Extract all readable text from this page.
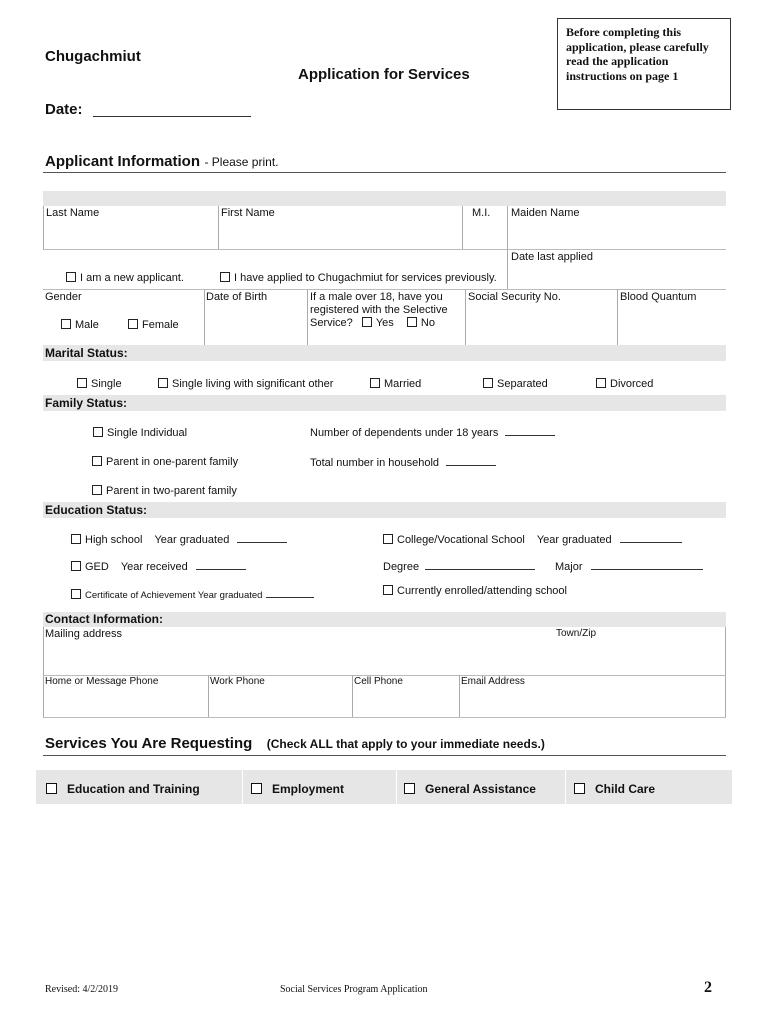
Chugachmiut
Application for Services
Date:
Before completing this application, please carefully read the application instructions on page 1
Applicant Information - Please print.
Last Name	First Name	M.I. Maiden Name
Date last applied
I am a new applicant.	I have applied to Chugachmiut for services previously.
Gender
Male	Female
Date of Birth	If a male over 18, have you registered with the Selective Service? Yes No
Social Security No.	Blood Quantum
Marital Status:
Single	Single living with significant other	Married	Separated	Divorced
Family Status:
Single Individual
Parent in one-parent family
Parent in two-parent family
Number of dependents under 18 years
Total number in household
Education Status:
High school Year graduated
GED Year received
Certificate of Achievement Year graduated
College/Vocational School Year graduated
Degree	Major
Currently enrolled/attending school
Contact Information:
Mailing address	Town/Zip
Home or Message Phone	Work Phone	Cell Phone	Email Address
Services You Are Requesting (Check ALL that apply to your immediate needs.)
Education and Training	Employment	General Assistance	Child Care
Revised: 4/2/2019	Social Services Program Application	2
